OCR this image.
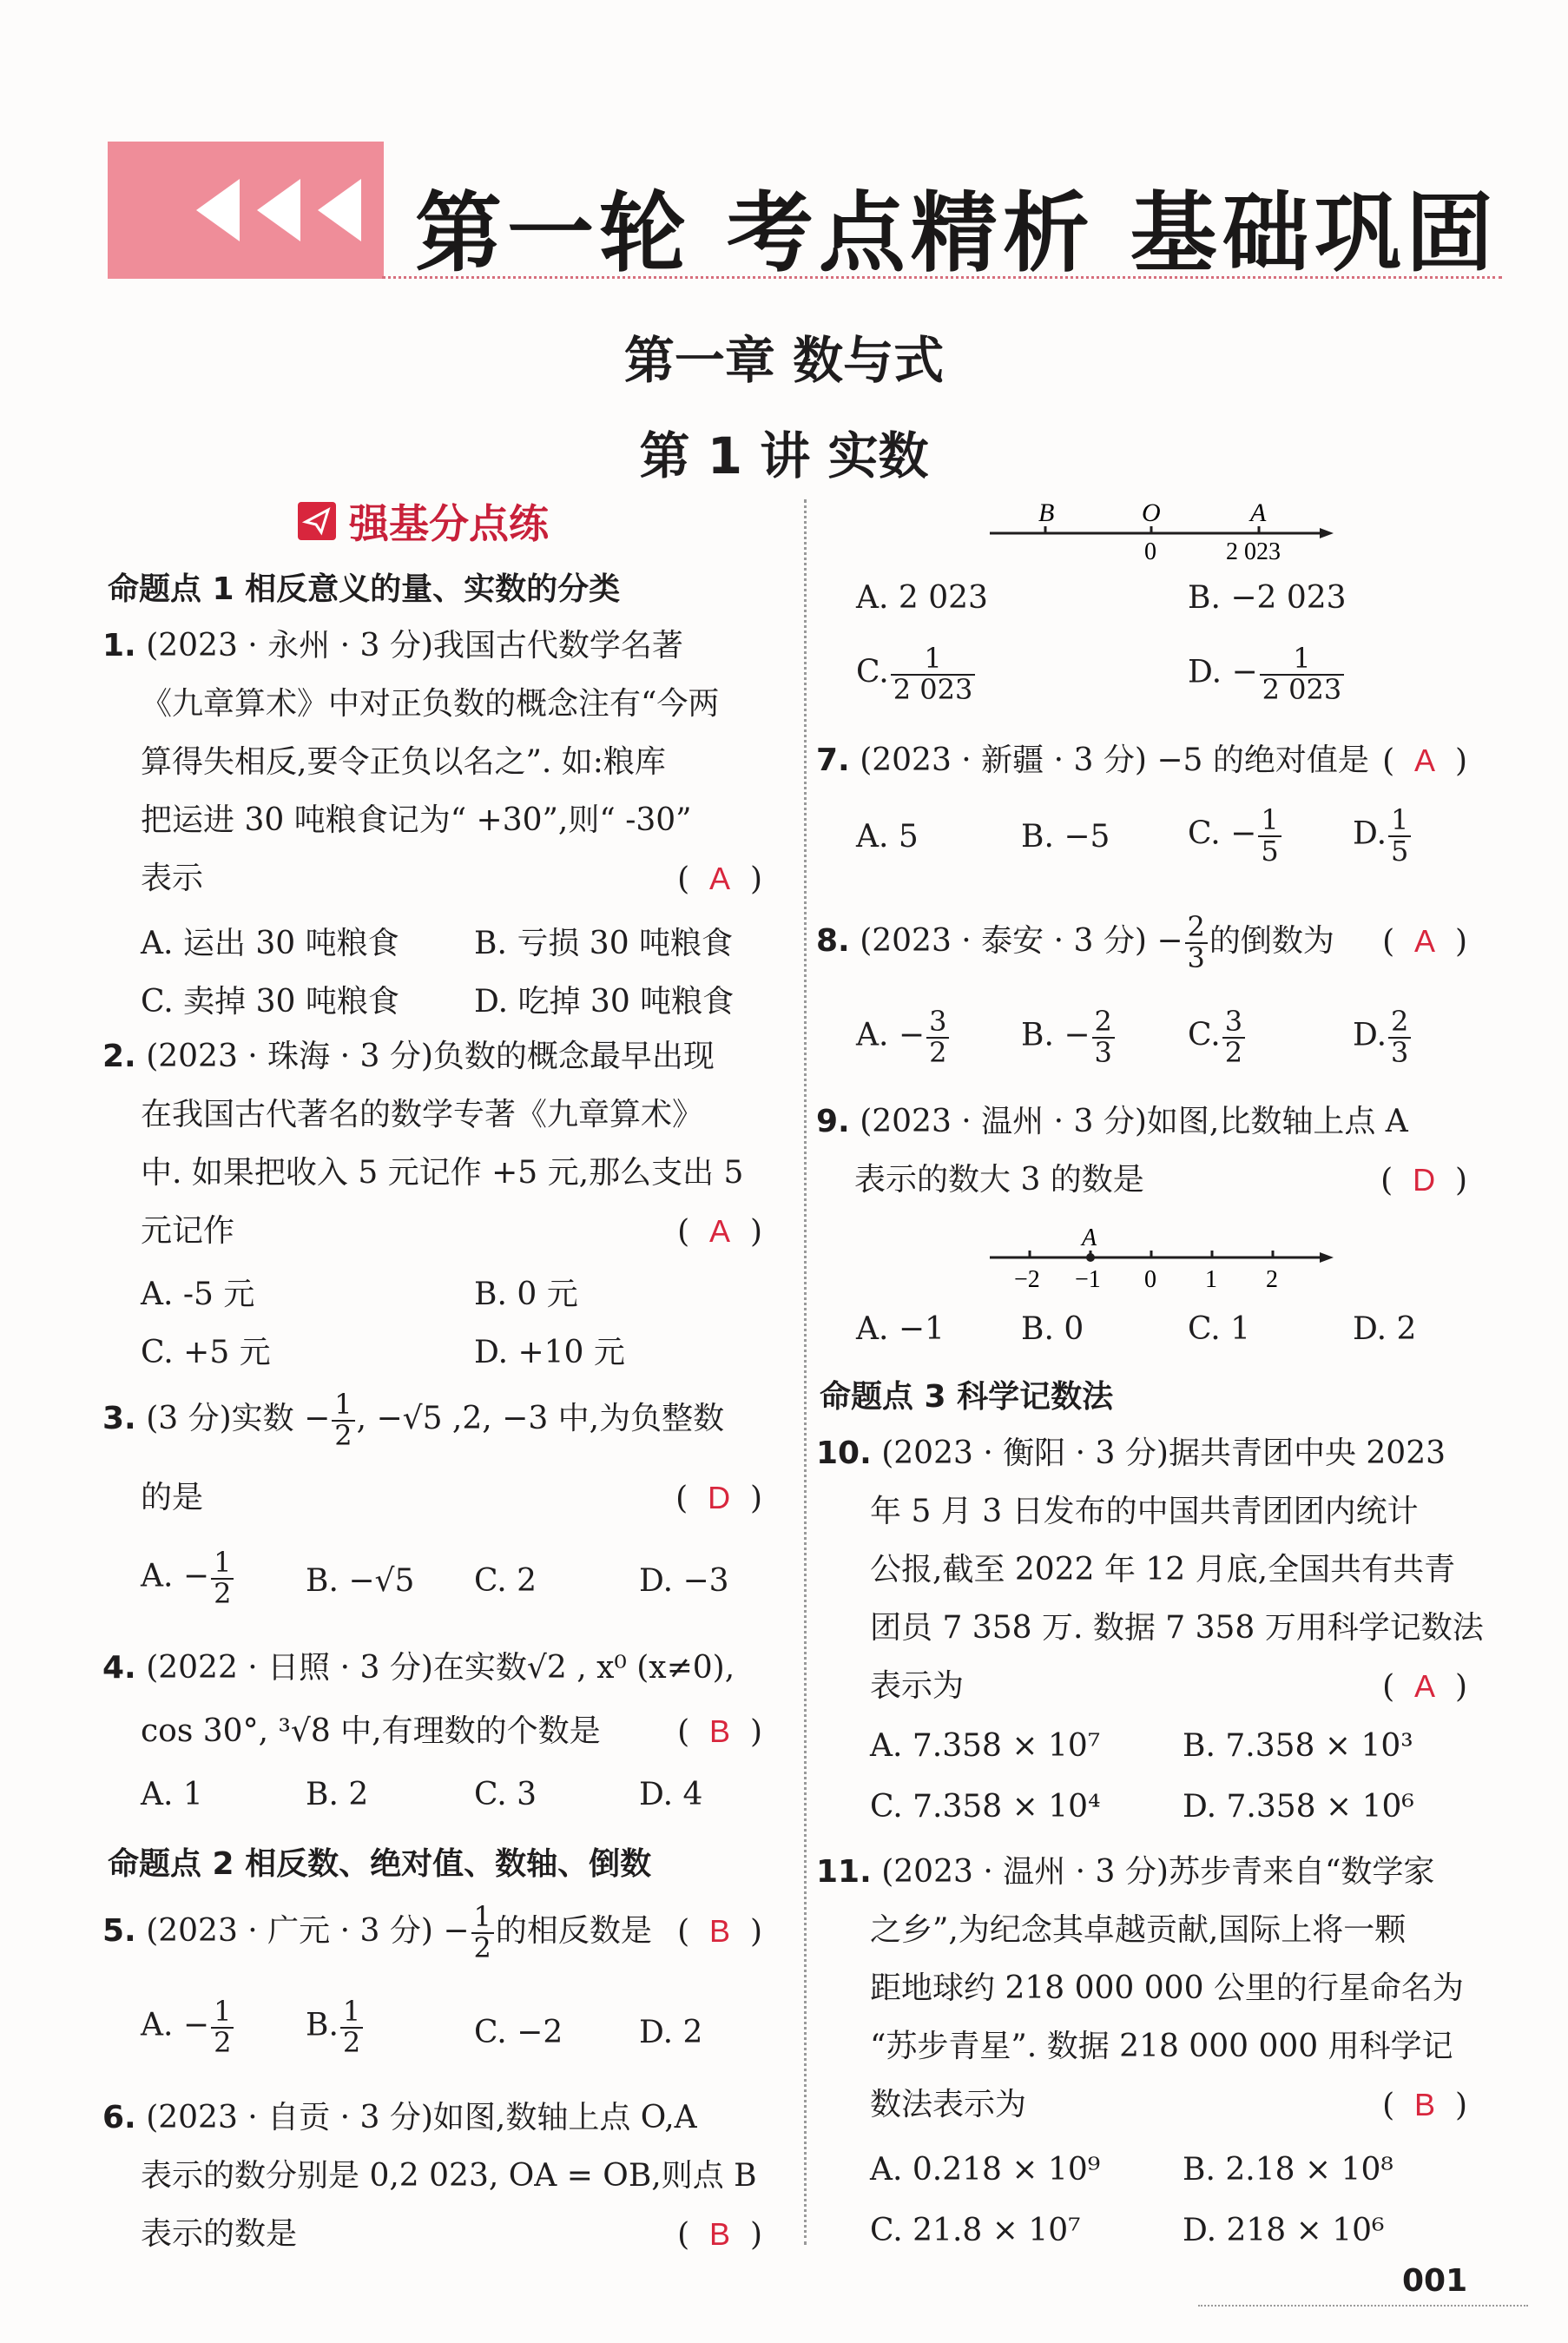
第一轮 考点精析 基础巩固
第一章 数与式
第 1 讲 实数
强基分点练
命题点 1 相反意义的量、实数的分类
1. (2023 · 永州 · 3 分)我国古代数学名著
《九章算术》中对正负数的概念注有“今两
算得失相反,要令正负以名之”. 如:粮库
把运进 30 吨粮食记为“ +30”,则“ -30”
表示	(  A  )
A. 运出 30 吨粮食 B. 亏损 30 吨粮食
C. 卖掉 30 吨粮食 D. 吃掉 30 吨粮食
2. (2023 · 珠海 · 3 分)负数的概念最早出现
在我国古代著名的数学专著《九章算术》
中. 如果把收入 5 元记作 +5 元,那么支出 5
元记作	(  A  )
A. -5 元	B. 0 元
C. +5 元	D. +10 元
3. (3 分)实数 − $\frac{1}{2}$ , −√5 ,2, −3 中,为负整数
的是	(  D  )
A. − $\frac{1}{2} B$. −√5 C. 2	D. −3
4. (2022 · 日照 · 3 分)在实数√2 , x⁰ (x≠0),
cos 30°, ³√8 中,有理数的个数是 (  B  )
A. 1	B. 2	C. 3	D. 4
命题点 2 相反数、绝对值、数轴、倒数
5. (2023 · 广元 · 3 分) − $\frac{1}{2}$ 的相反数是 (  B  )
A. − $\frac{1}{2} B$. $\frac{1}{2}$	C. −2 D. 2
6. (2023 · 自贡 · 3 分)如图,数轴上点 O,A
表示的数分别是 0,2 023, OA = OB,则点 B
表示的数是	(  B  )
B	O	A
0	2 023
A. 2 023	B. −2 023
C. $\frac{1}{2 023}$	D. − $\frac{1}{2 023}$
7. (2023 · 新疆 · 3 分) −5 的绝对值是 (  A  )
A. 5	B. −5 C. − $\frac{1}{5} D$. $\frac{1}{5}$
8. (2023 · 泰安 · 3 分) − $\frac{2}{3}$ 的倒数为 (  A  )
A. − $\frac{3}{2} B$. − $\frac{2}{3} C$. $\frac{3}{2}$	D. $\frac{2}{3}$
9. (2023 · 温州 · 3 分)如图,比数轴上点 A
表示的数大 3 的数是	(  D  )
A
−2 −1 0 1 2
A. −1 B. 0	C. 1	D. 2
命题点 3 科学记数法
10. (2023 · 衡阳 · 3 分)据共青团中央 2023
年 5 月 3 日发布的中国共青团团内统计
公报,截至 2022 年 12 月底,全国共有共青
团员 7 358 万. 数据 7 358 万用科学记数法
表示为	(  A  )
A. 7.358 × 10⁷	B. 7.358 × 10³
C. 7.358 × 10⁴	D. 7.358 × 10⁶
11. (2023 · 温州 · 3 分)苏步青来自“数学家
之乡”,为纪念其卓越贡献,国际上将一颗
距地球约 218 000 000 公里的行星命名为
“苏步青星”. 数据 218 000 000 用科学记
数法表示为	(  B  )
A. 0.218 × 10⁹	B. 2.18 × 10⁸
C. 21.8 × 10⁷	D. 218 × 10⁶
001
